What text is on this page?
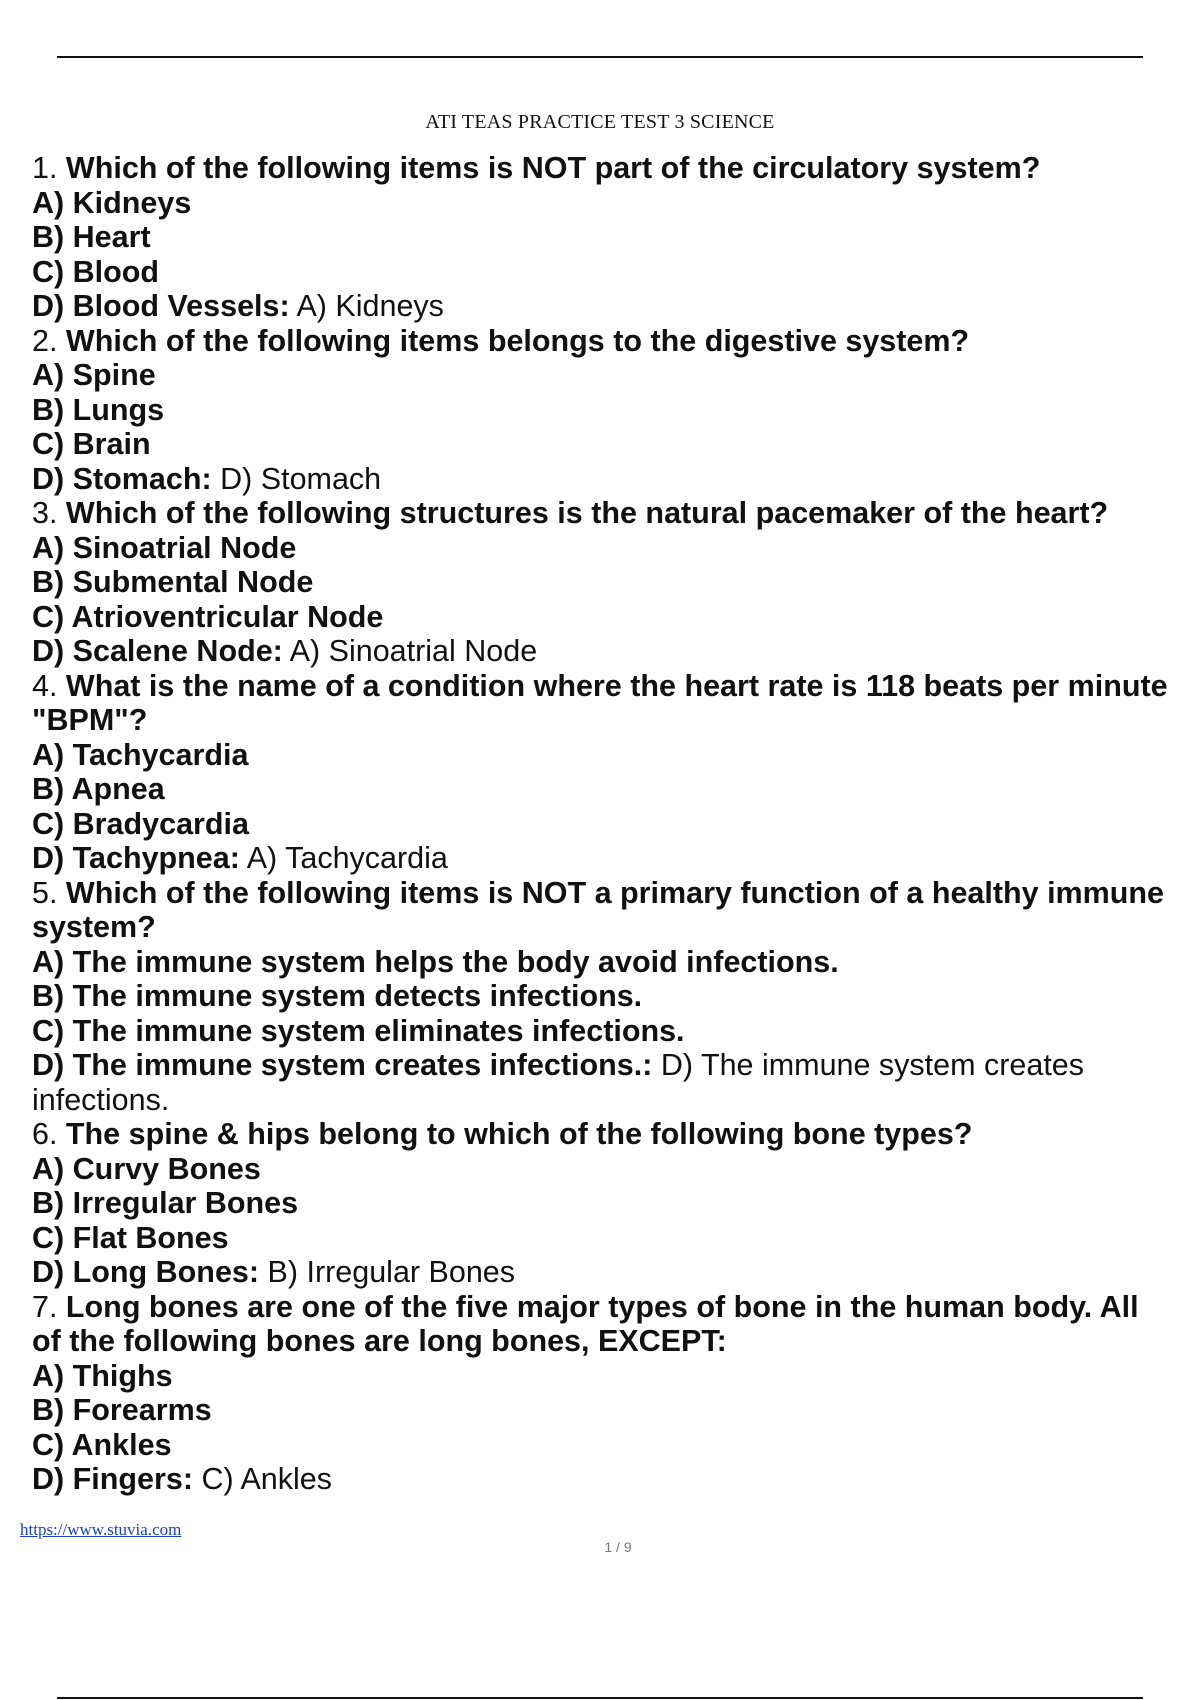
ATI TEAS PRACTICE TEST 3 SCIENCE
1. Which of the following items is NOT part of the circulatory system?
A) Kidneys
B) Heart
C) Blood
D) Blood Vessels: A) Kidneys
2. Which of the following items belongs to the digestive system?
A) Spine
B) Lungs
C) Brain
D) Stomach: D) Stomach
3. Which of the following structures is the natural pacemaker of the heart?
A) Sinoatrial Node
B) Submental Node
C) Atrioventricular Node
D) Scalene Node: A) Sinoatrial Node
4. What is the name of a condition where the heart rate is 118 beats per minute
"BPM"?
A) Tachycardia
B) Apnea
C) Bradycardia
D) Tachypnea: A) Tachycardia
5. Which of the following items is NOT a primary function of a healthy immune
system?
A) The immune system helps the body avoid infections.
B) The immune system detects infections.
C) The immune system eliminates infections.
D) The immune system creates infections.: D) The immune system creates infections.
6. The spine & hips belong to which of the following bone types?
A) Curvy Bones
B) Irregular Bones
C) Flat Bones
D) Long Bones: B) Irregular Bones
7. Long bones are one of the five major types of bone in the human body. All
of the following bones are long bones, EXCEPT:
A) Thighs
B) Forearms
C) Ankles
D) Fingers: C) Ankles
https://www.stuvia.com
1 / 9
